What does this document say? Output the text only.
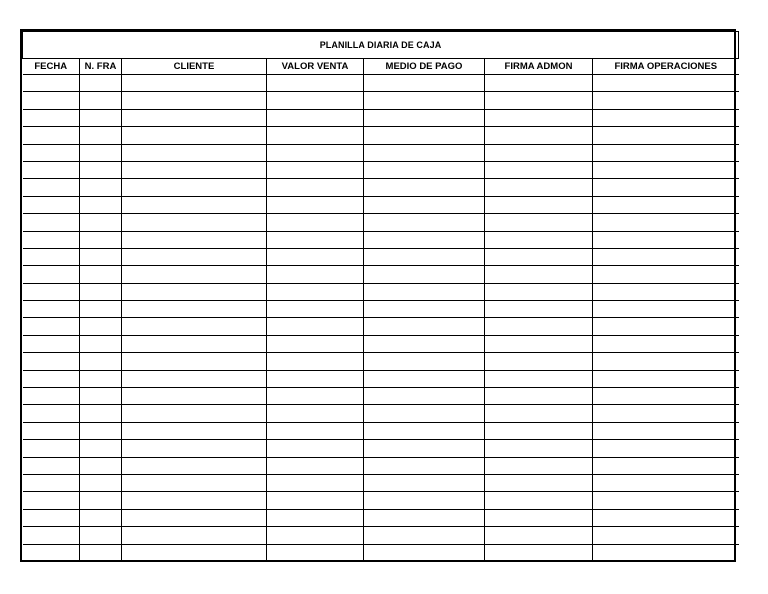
PLANILLA DIARIA DE CAJA						
FECHA	N. FRA	CLIENTE	VALOR VENTA	MEDIO DE PAGO	FIRMA ADMON	FIRMA OPERACIONES
